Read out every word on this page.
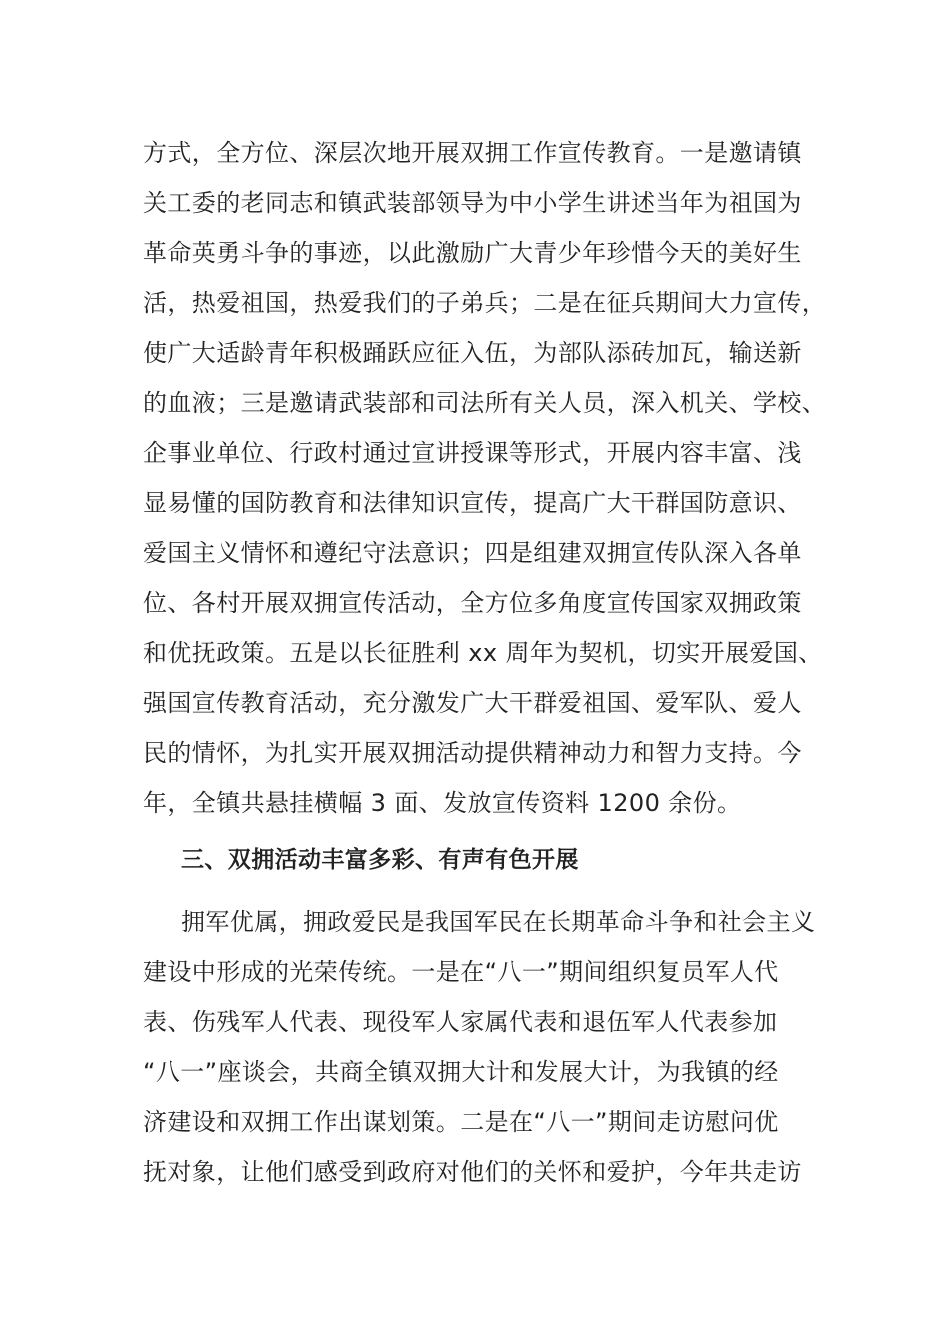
方式，全方位、深层次地开展双拥工作宣传教育。一是邀请镇
关工委的老同志和镇武装部领导为中小学生讲述当年为祖国为
革命英勇斗争的事迹，以此激励广大青少年珍惜今天的美好生
活，热爱祖国，热爱我们的子弟兵；二是在征兵期间大力宣传，
使广大适龄青年积极踊跃应征入伍，为部队添砖加瓦，输送新
的血液；三是邀请武装部和司法所有关人员，深入机关、学校、
企事业单位、行政村通过宣讲授课等形式，开展内容丰富、浅
显易懂的国防教育和法律知识宣传，提高广大干群国防意识、
爱国主义情怀和遵纪守法意识；四是组建双拥宣传队深入各单
位、各村开展双拥宣传活动，全方位多角度宣传国家双拥政策
和优抚政策。五是以长征胜利 xx 周年为契机，切实开展爱国、
强国宣传教育活动，充分激发广大干群爱祖国、爱军队、爱人
民的情怀，为扎实开展双拥活动提供精神动力和智力支持。今
年，全镇共悬挂横幅 3 面、发放宣传资料 1200 余份。
三、双拥活动丰富多彩、有声有色开展
拥军优属，拥政爱民是我国军民在长期革命斗争和社会主义
建设中形成的光荣传统。一是在“八一”期间组织复员军人代
表、伤残军人代表、现役军人家属代表和退伍军人代表参加
“八一”座谈会，共商全镇双拥大计和发展大计，为我镇的经
济建设和双拥工作出谋划策。二是在“八一”期间走访慰问优
抚对象，让他们感受到政府对他们的关怀和爱护，今年共走访
